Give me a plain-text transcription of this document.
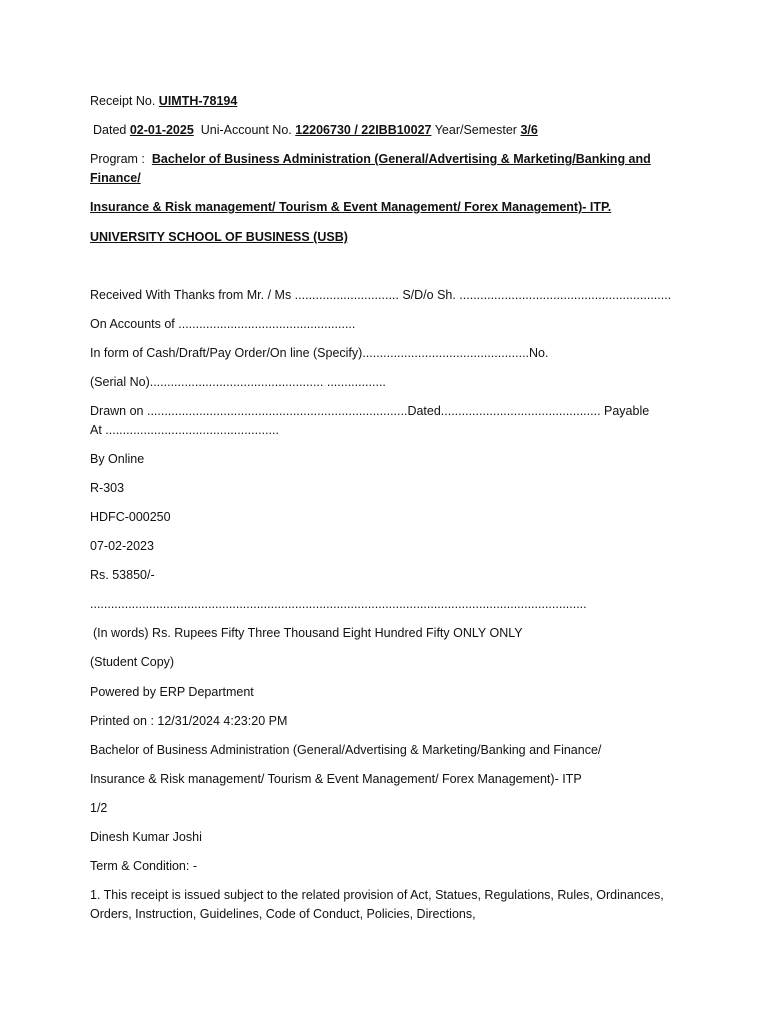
Receipt No. UIMTH-78194
Dated 02-01-2025 Uni-Account No. 12206730 / 22IBB10027 Year/Semester 3/6
Program : Bachelor of Business Administration (General/Advertising & Marketing/Banking and Finance/
Insurance & Risk management/ Tourism & Event Management/ Forex Management)- ITP.
UNIVERSITY SCHOOL OF BUSINESS (USB)
Received With Thanks from Mr. / Ms .............................. S/D/o Sh. .............................................................
On Accounts of ...................................................
In form of Cash/Draft/Pay Order/On line (Specify)................................................No.
(Serial No).................................................. .................
Drawn on ...........................................................................Dated.............................................. Payable At ..................................................
By Online
R-303
HDFC-000250
07-02-2023
Rs. 53850/-
...............................................................................................................................................
(In words) Rs. Rupees Fifty Three Thousand Eight Hundred Fifty ONLY ONLY
(Student Copy)
Powered by ERP Department
Printed on : 12/31/2024 4:23:20 PM
Bachelor of Business Administration (General/Advertising & Marketing/Banking and Finance/
Insurance & Risk management/ Tourism & Event Management/ Forex Management)- ITP
1/2
Dinesh Kumar Joshi
Term & Condition: -
1. This receipt is issued subject to the related provision of Act, Statues, Regulations, Rules, Ordinances, Orders, Instruction, Guidelines, Code of Conduct, Policies, Directions,
